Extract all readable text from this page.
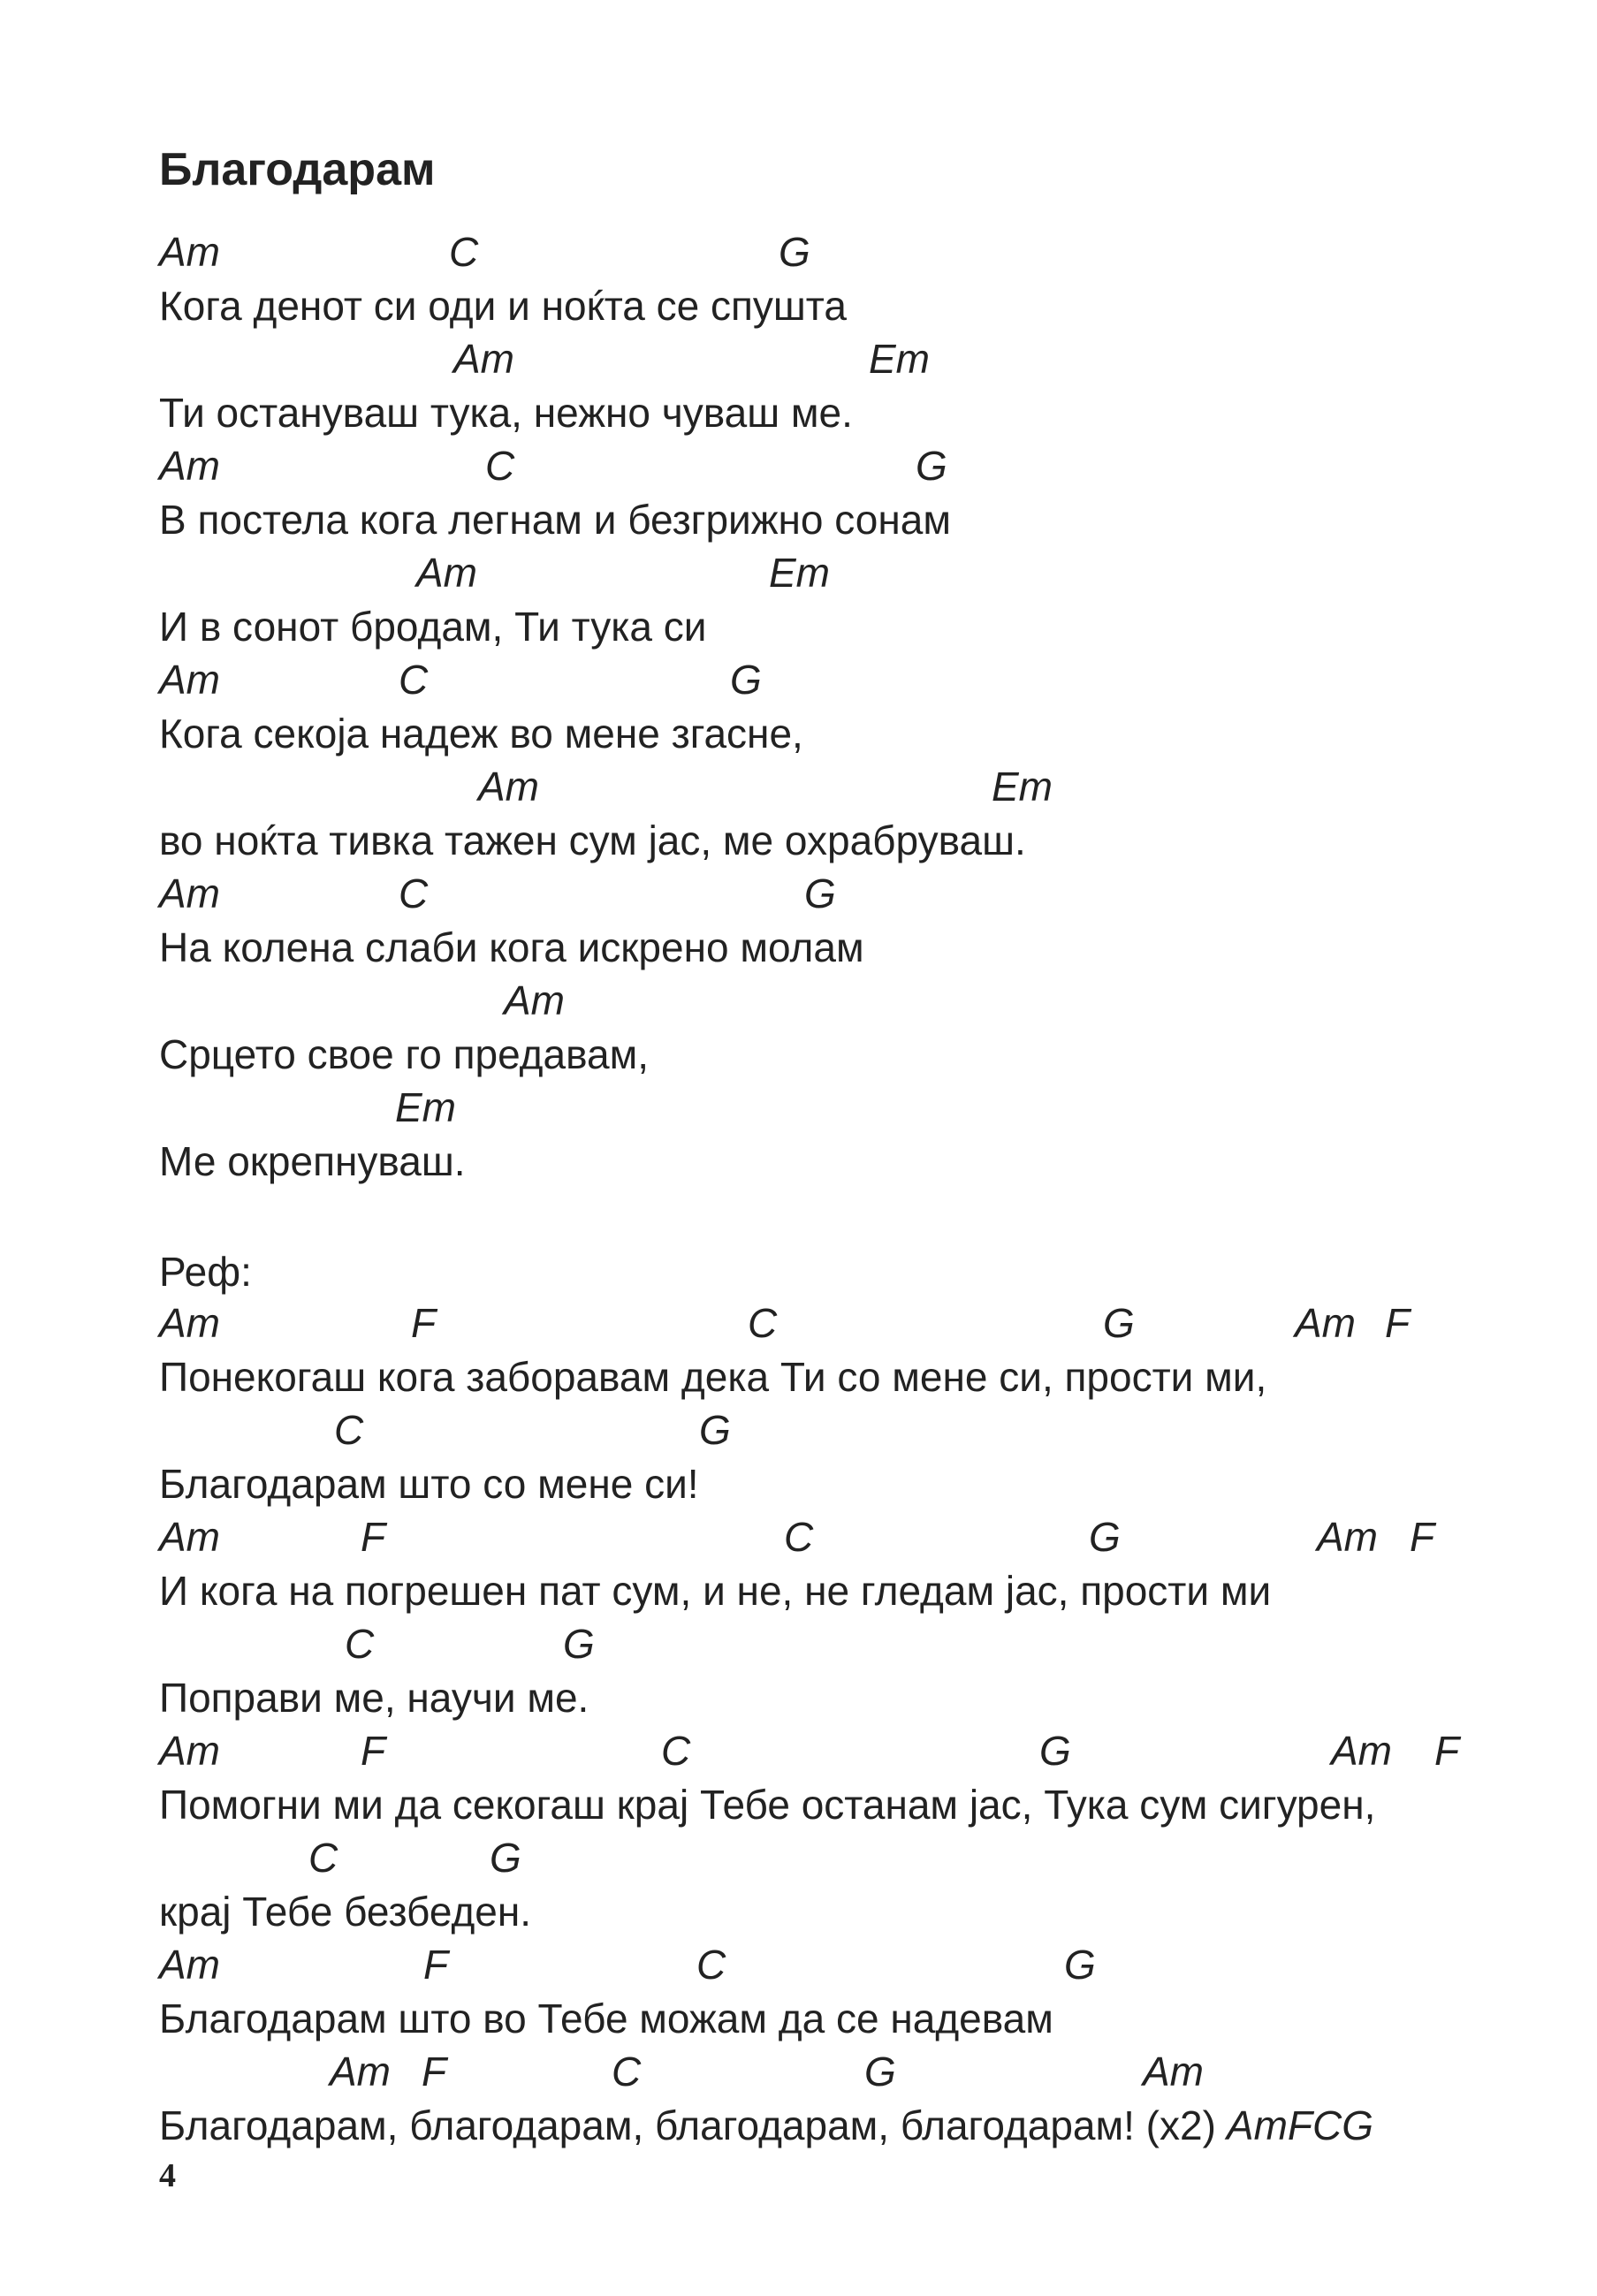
Благодарам
Am	C	G
Кога денот си оди и ноќта се спушта
Am	Em
Ти остануваш тука, нежно чуваш ме.
Am	C	G
В постела кога легнам и безгрижно сонам
Am	Em
И в сонот бродам, Ти тука си
Am	C	G
Кога секоја надеж во мене згасне,
Am	Em
во ноќта тивка тажен сум јас, ме охрабруваш.
Am	C	G
На колена слаби кога искрено молам
Am
Срцето свое го предавам,
Em
Ме окрепнуваш.
Реф:
Am	F	C	G	Am F
Понекогаш кога заборавам дека Ти со мене си, прости ми,
C	G
Благодарам што со мене си!
Am	F	C	G	Am F
И кога на погрешен пат сум, и не, не гледам јас, прости ми
C	G
Поправи ме, научи ме.
Am	F	C	G	Am F
Помогни ми да секогаш крај Тебе останам јас, Тука сум сигурен,
C	G
крај Тебе безбеден.
Am	F	C	G
Благодарам што во Тебе можам да се надевам
Am F	C	G	Am
Благодарам, благодарам, благодарам, благодарам! (x2) AmFCG
4
